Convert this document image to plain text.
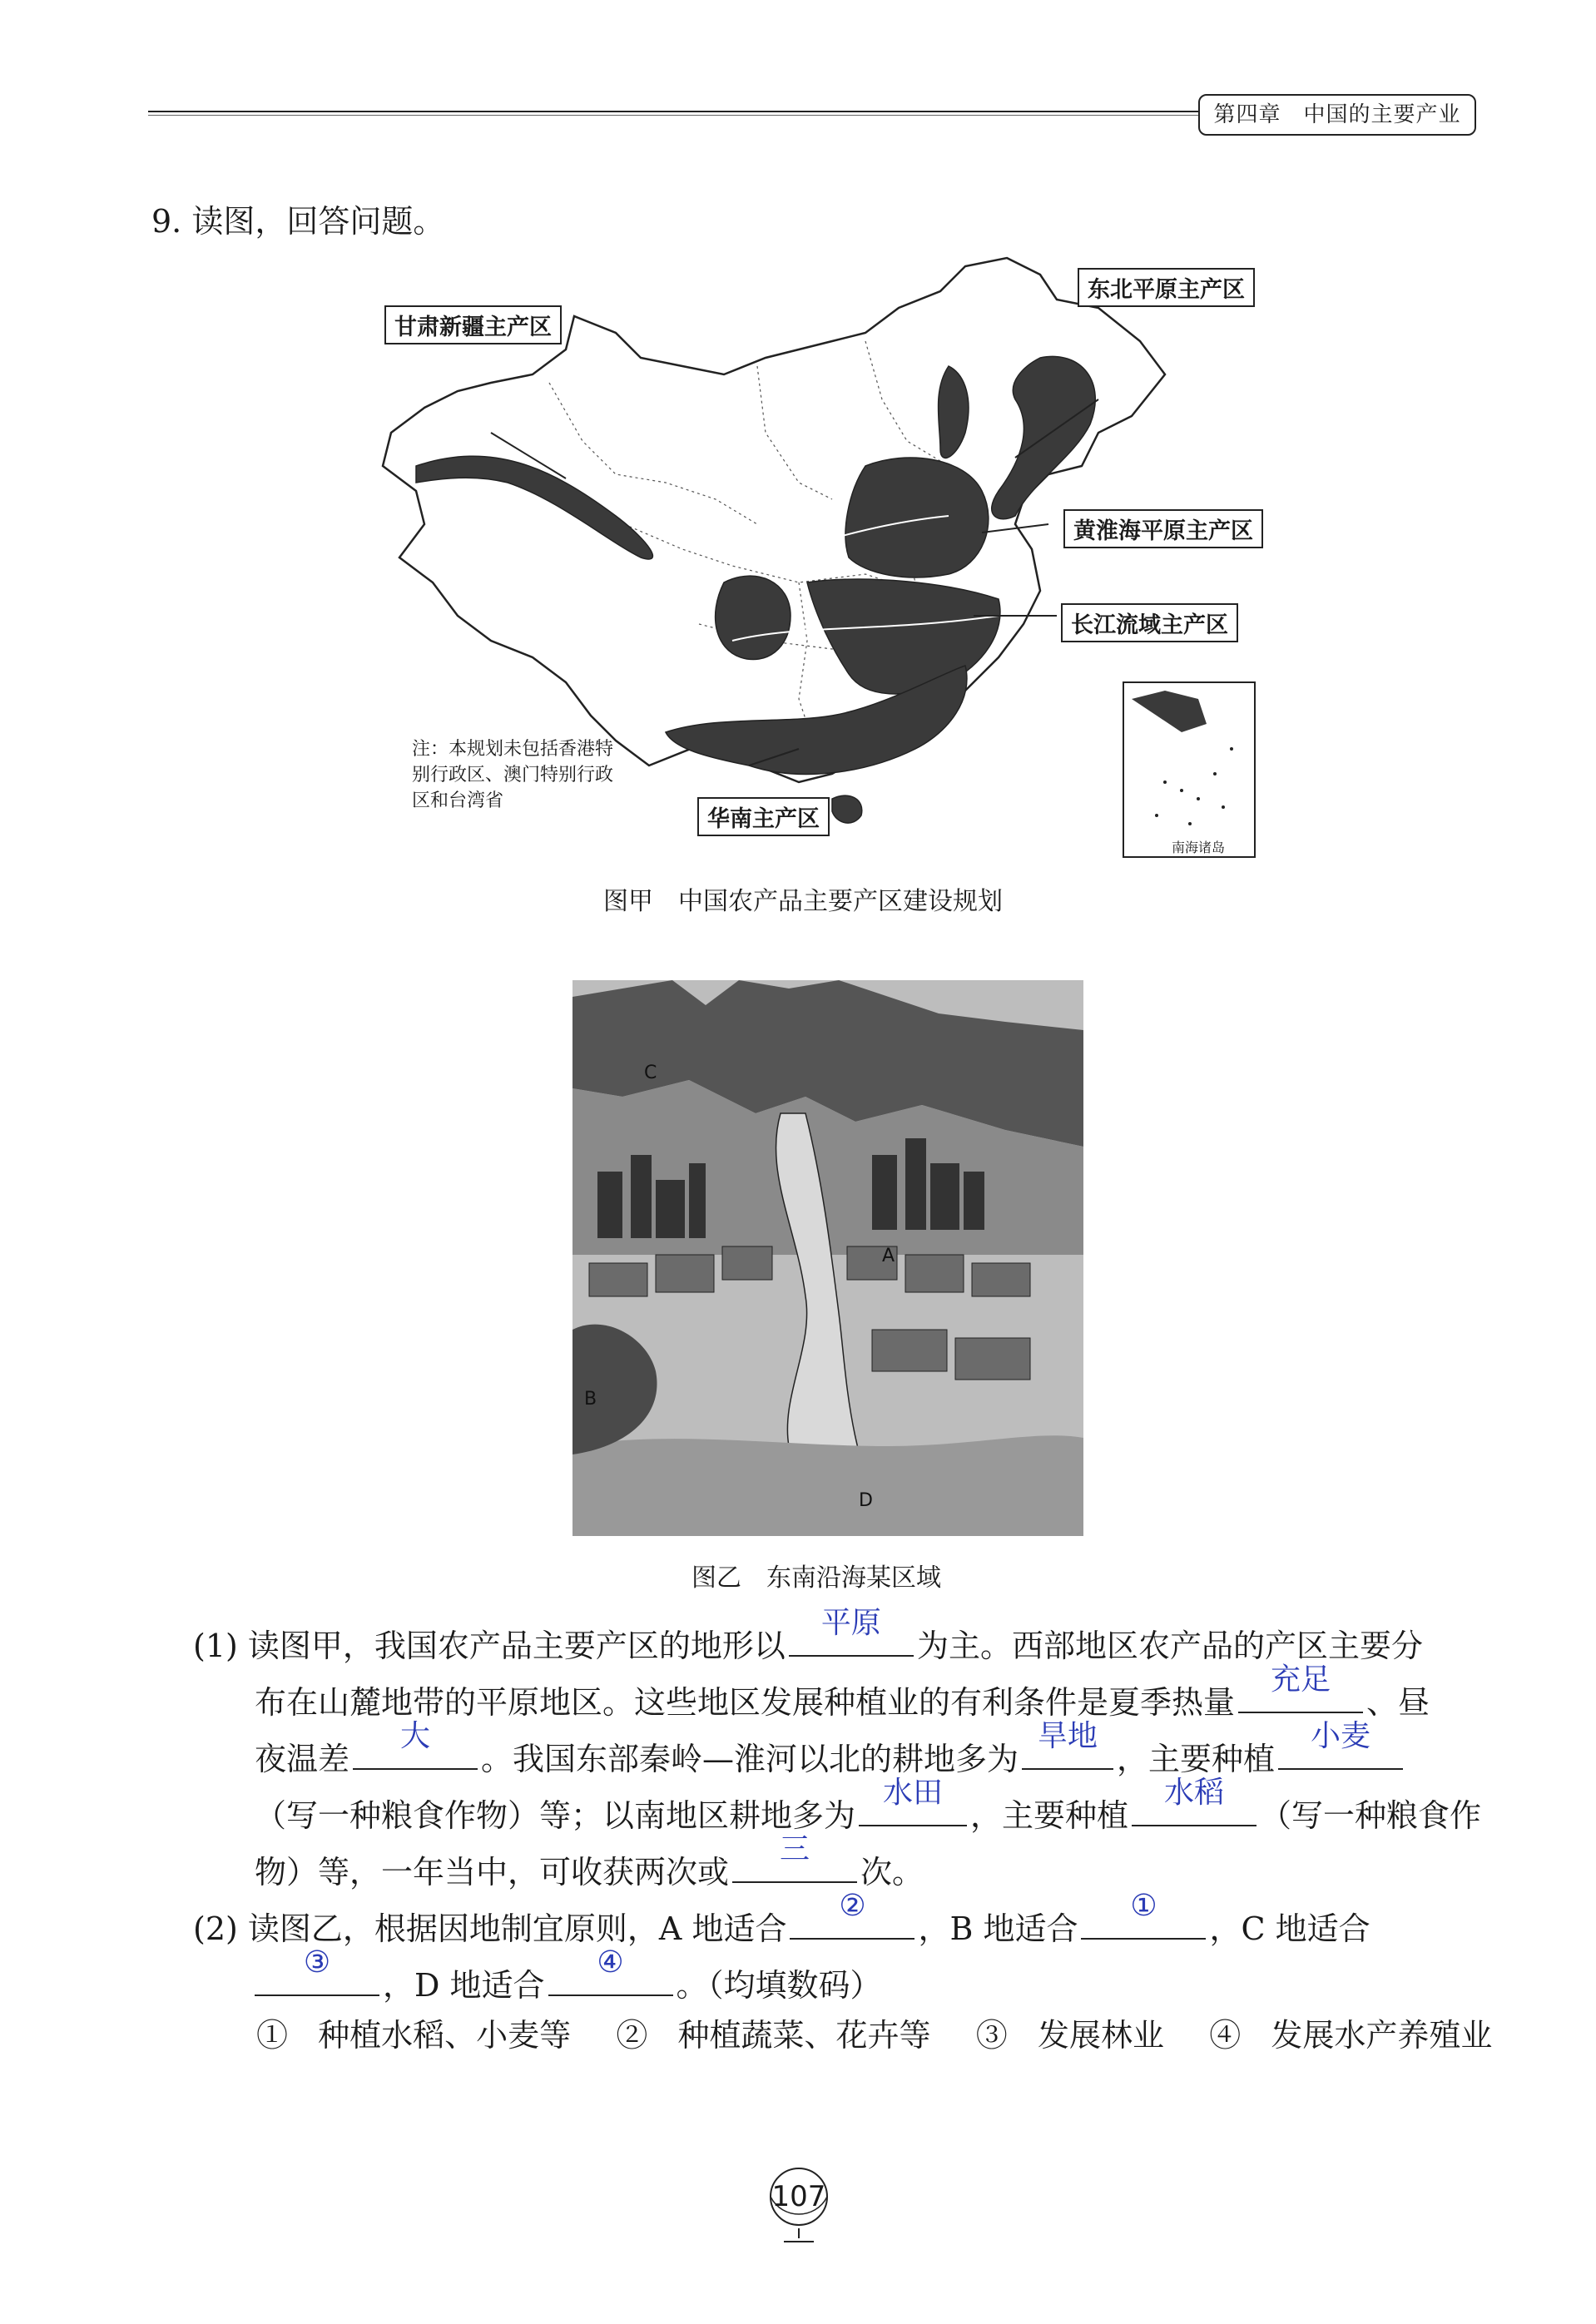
第四章　中国的主要产业
9. 读图，回答问题。
东北平原主产区
甘肃新疆主产区
黄淮海平原主产区
长江流域主产区
华南主产区
南海诸岛
注：本规划未包括香港特
别行政区、澳门特别行政
区和台湾省
图甲　中国农产品主要产区建设规划
C
A
B
D
图乙　东南沿海某区域
(1) 读图甲，我国农产品主要产区的地形以
平原
为主。西部地区农产品的产区主要分
布在山麓地带的平原地区。这些地区发展种植业的有利条件是夏季热量
充足
、昼
夜温差
大
。我国东部秦岭—淮河以北的耕地多为
旱地
，主要种植
小麦
（写一种粮食作物）等；以南地区耕地多为
水田
，主要种植
水稻
（写一种粮食作
物）等，一年当中，可收获两次或
三
次。
(2) 读图乙，根据因地制宜原则，A 地适合
②
，B 地适合
①
，C 地适合
③
，D 地适合
④
。（均填数码）
①  种植水稻、小麦等   ②  种植蔬菜、花卉等   ③  发展林业   ④  发展水产养殖业
107
